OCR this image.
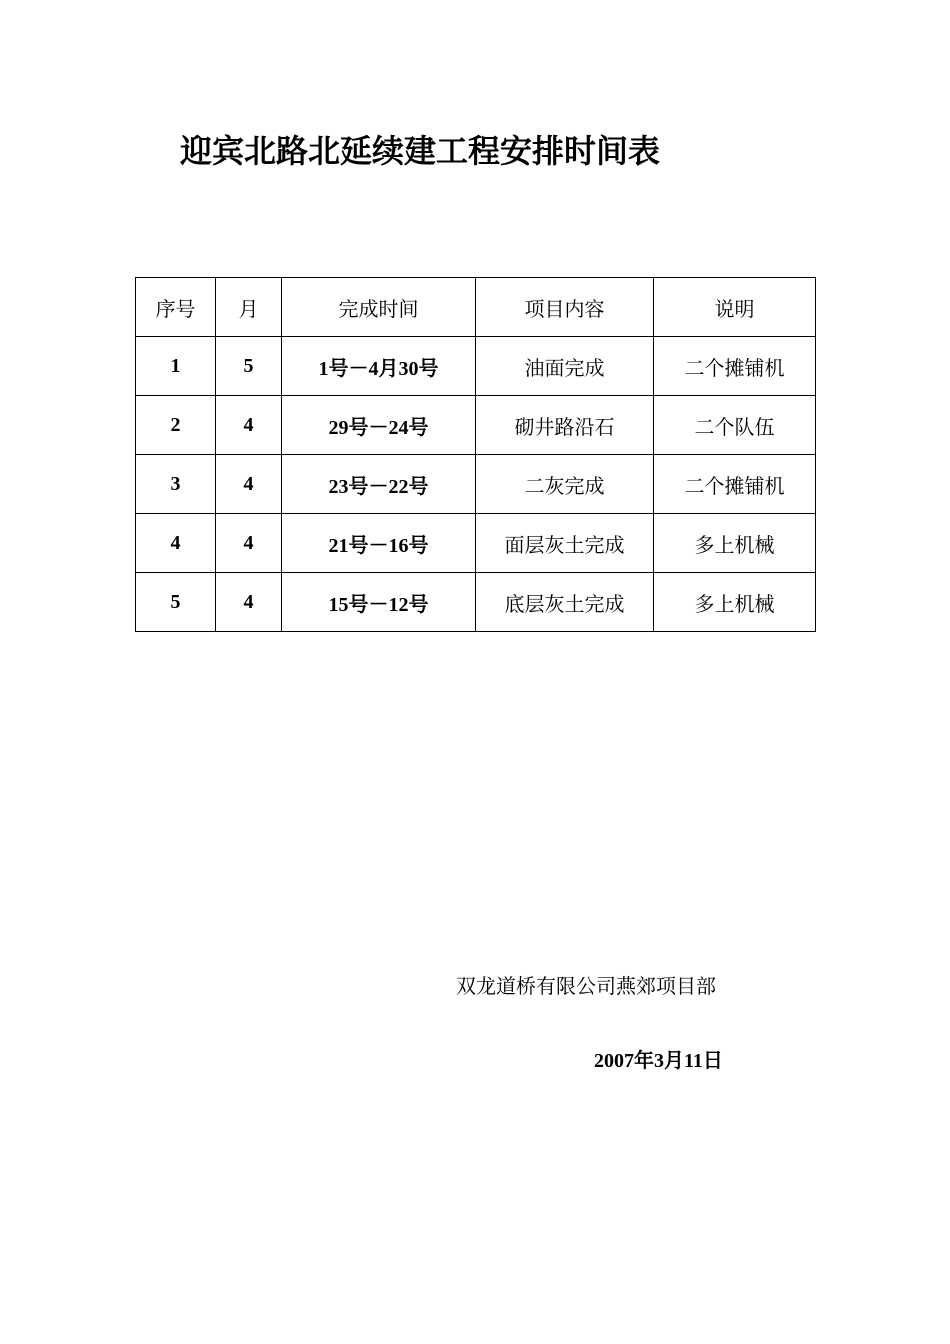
迎宾北路北延续建工程安排时间表
序号	月	完成时间	项目内容	说明
1	5	1号－4月30号	油面完成	二个摊铺机
2	4	29号－24号	砌井路沿石	二个队伍
3	4	23号－22号	二灰完成	二个摊铺机
4	4	21号－16号	面层灰土完成	多上机械
5	4	15号－12号	底层灰土完成	多上机械
双龙道桥有限公司燕郊项目部
2007年3月11日
